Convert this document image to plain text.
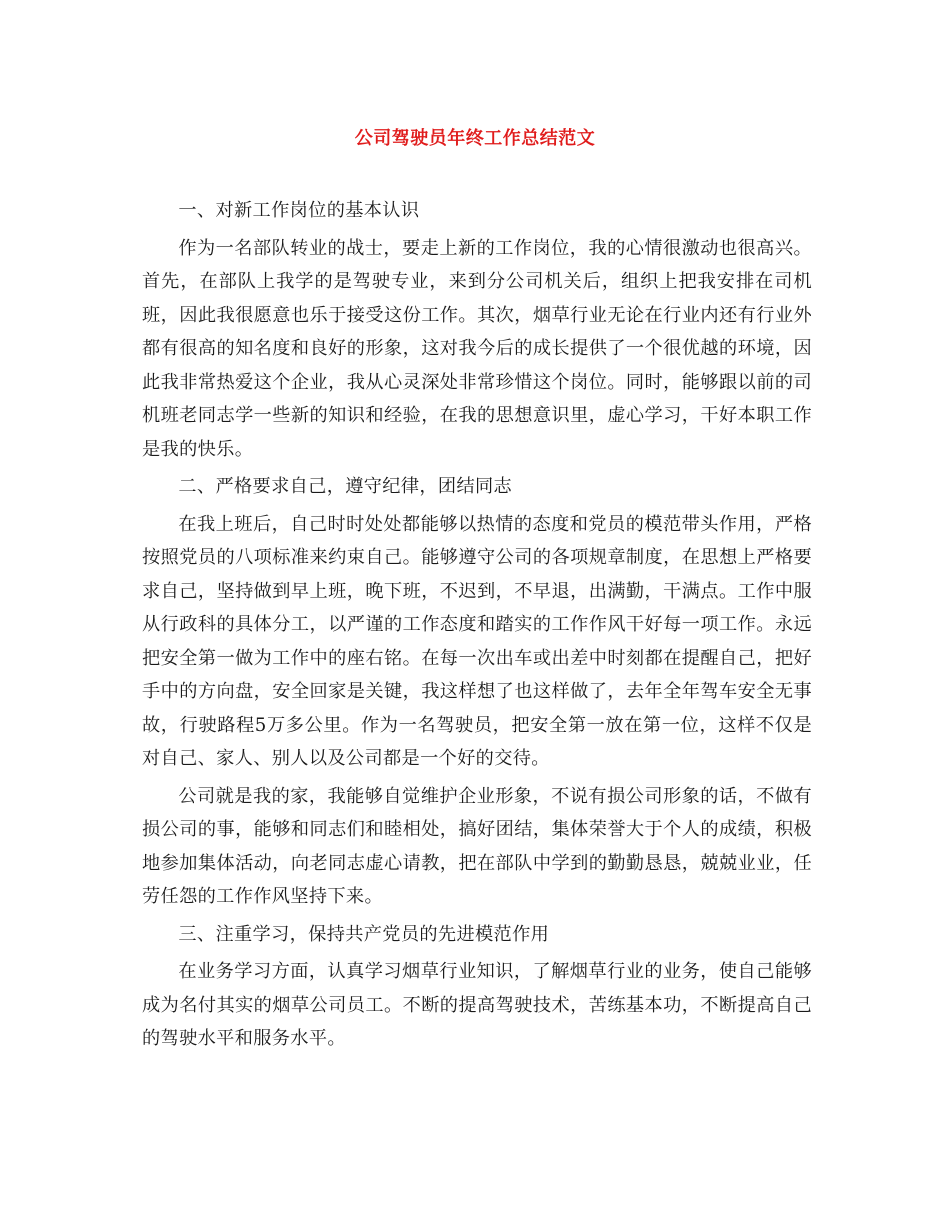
公司驾驶员年终工作总结范文

一、对新工作岗位的基本认识

作为一名部队转业的战士，要走上新的工作岗位，我的心情很激动也很高兴。首先，在部队上我学的是驾驶专业，来到分公司机关后，组织上把我安排在司机班，因此我很愿意也乐于接受这份工作。其次，烟草行业无论在行业内还有行业外都有很高的知名度和良好的形象，这对我今后的成长提供了一个很优越的环境，因此我非常热爱这个企业，我从心灵深处非常珍惜这个岗位。同时，能够跟以前的司机班老同志学一些新的知识和经验，在我的思想意识里，虚心学习，干好本职工作是我的快乐。

二、严格要求自己，遵守纪律，团结同志

在我上班后，自己时时处处都能够以热情的态度和党员的模范带头作用，严格按照党员的八项标准来约束自己。能够遵守公司的各项规章制度，在思想上严格要求自己，坚持做到早上班，晚下班，不迟到，不早退，出满勤，干满点。工作中服从行政科的具体分工，以严谨的工作态度和踏实的工作作风干好每一项工作。永远把安全第一做为工作中的座右铭。在每一次出车或出差中时刻都在提醒自己，把好手中的方向盘，安全回家是关键，我这样想了也这样做了，去年全年驾车安全无事故，行驶路程5万多公里。作为一名驾驶员，把安全第一放在第一位，这样不仅是对自己、家人、别人以及公司都是一个好的交待。

公司就是我的家，我能够自觉维护企业形象，不说有损公司形象的话，不做有损公司的事，能够和同志们和睦相处，搞好团结，集体荣誉大于个人的成绩，积极地参加集体活动，向老同志虚心请教，把在部队中学到的勤勤恳恳，兢兢业业，任劳任怨的工作作风坚持下来。

三、注重学习，保持共产党员的先进模范作用

在业务学习方面，认真学习烟草行业知识，了解烟草行业的业务，使自己能够成为名付其实的烟草公司员工。不断的提高驾驶技术，苦练基本功，不断提高自己的驾驶水平和服务水平。
